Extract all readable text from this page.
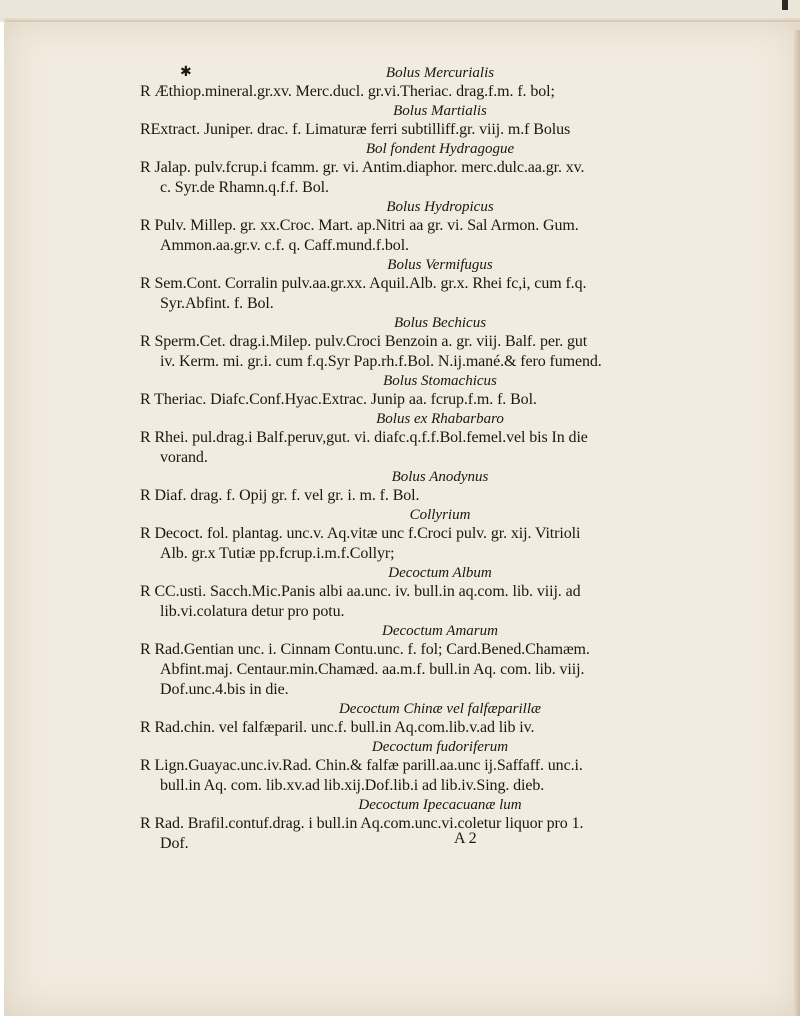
✱	Bolus Mercurialis
R Æthiop.mineral.gr.xv. Merc.ducl. gr.vi.Theriac. drag.f.m. f. bol;
Bolus Martialis
RExtract. Juniper. drac. f. Limaturæ ferri subtilliff.gr. viij. m.f Bolus
Bol fondent Hydragogue
R Jalap. pulv.fcrup.i fcamm. gr. vi. Antim.diaphor. merc.dulc.aa.gr. xv.
c. Syr.de Rhamn.q.f.f. Bol.
Bolus Hydropicus
R Pulv. Millep. gr. xx.Croc. Mart. ap.Nitri aa gr. vi. Sal Armon. Gum.
Ammon.aa.gr.v. c.f. q. Caff.mund.f.bol.
Bolus Vermifugus
R Sem.Cont. Corralin pulv.aa.gr.xx. Aquil.Alb. gr.x. Rhei fc,i, cum f.q.
Syr.Abfint. f. Bol.
Bolus Bechicus
R Sperm.Cet. drag.i.Milep. pulv.Croci Benzoin a. gr. viij. Balf. per. gut
iv. Kerm. mi. gr.i. cum f.q.Syr Pap.rh.f.Bol. N.ij.mané.& fero fumend.
Bolus Stomachicus
R Theriac. Diafc.Conf.Hyac.Extrac. Junip aa. fcrup.f.m. f. Bol.
Bolus ex Rhabarbaro
R Rhei. pul.drag.i Balf.peruv,gut. vi. diafc.q.f.f.Bol.femel.vel bis In die
vorand.
Bolus Anodynus
R Diaf. drag. f. Opij gr. f. vel gr. i. m. f. Bol.
Collyrium
R Decoct. fol. plantag. unc.v. Aq.vitæ unc f.Croci pulv. gr. xij. Vitrioli
Alb. gr.x Tutiæ pp.fcrup.i.m.f.Collyr;
Decoctum Album
R CC.usti. Sacch.Mic.Panis albi aa.unc. iv. bull.in aq.com. lib. viij. ad
lib.vi.colatura detur pro potu.
Decoctum Amarum
R Rad.Gentian unc. i. Cinnam Contu.unc. f. fol; Card.Bened.Chamæm.
Abfint.maj. Centaur.min.Chamæd. aa.m.f. bull.in Aq. com. lib. viij.
Dof.unc.4.bis in die.
Decoctum Chinæ vel falfæparillæ
R Rad.chin. vel falfæparil. unc.f. bull.in Aq.com.lib.v.ad lib iv.
Decoctum fudoriferum
R Lign.Guayac.unc.iv.Rad. Chin.& falfæ parill.aa.unc ij.Saffaff. unc.i.
bull.in Aq. com. lib.xv.ad lib.xij.Dof.lib.i ad lib.iv.Sing. dieb.
Decoctum Ipecacuanæ lum
R Rad. Brafil.contuf.drag. i bull.in Aq.com.unc.vi.coletur liquor pro 1.
Dof.	A 2
